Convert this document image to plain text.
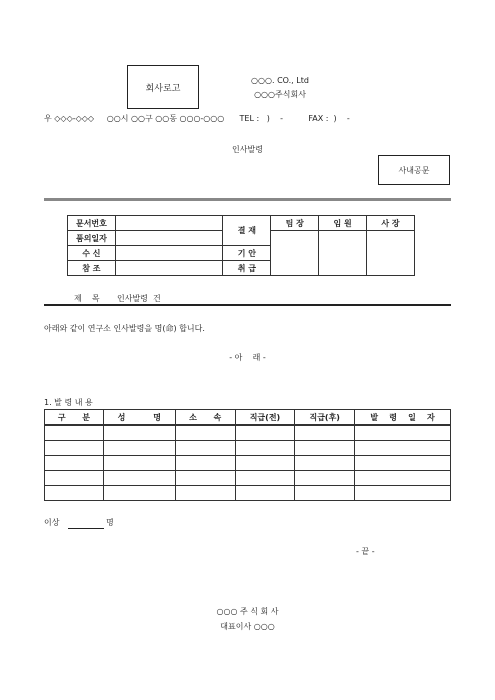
회사로고
○○○. CO., Ltd
○○○주식회사
우 ◇◇◇-◇◇◇     ○○시 ○○구 ○○동 ○○○-○○○      TEL :   )    -          FAX :  )    -
인사발령
사내공문
문서번호		결 재	팀 장	임 원	사 장
품의일자					
수 신		기 안			
참 조		취 급			
제    목 인사발령  건
아래와 같이 연구소 인사발령을 명(命) 합니다.
- 아    래 -
1. 발 령 내 용
구      분	성          명	소      속	직급(전)	직급(후)	발    령    일    자

이상	명
- 끝 -
○○○ 주 식 회 사
대표이사 ○○○
